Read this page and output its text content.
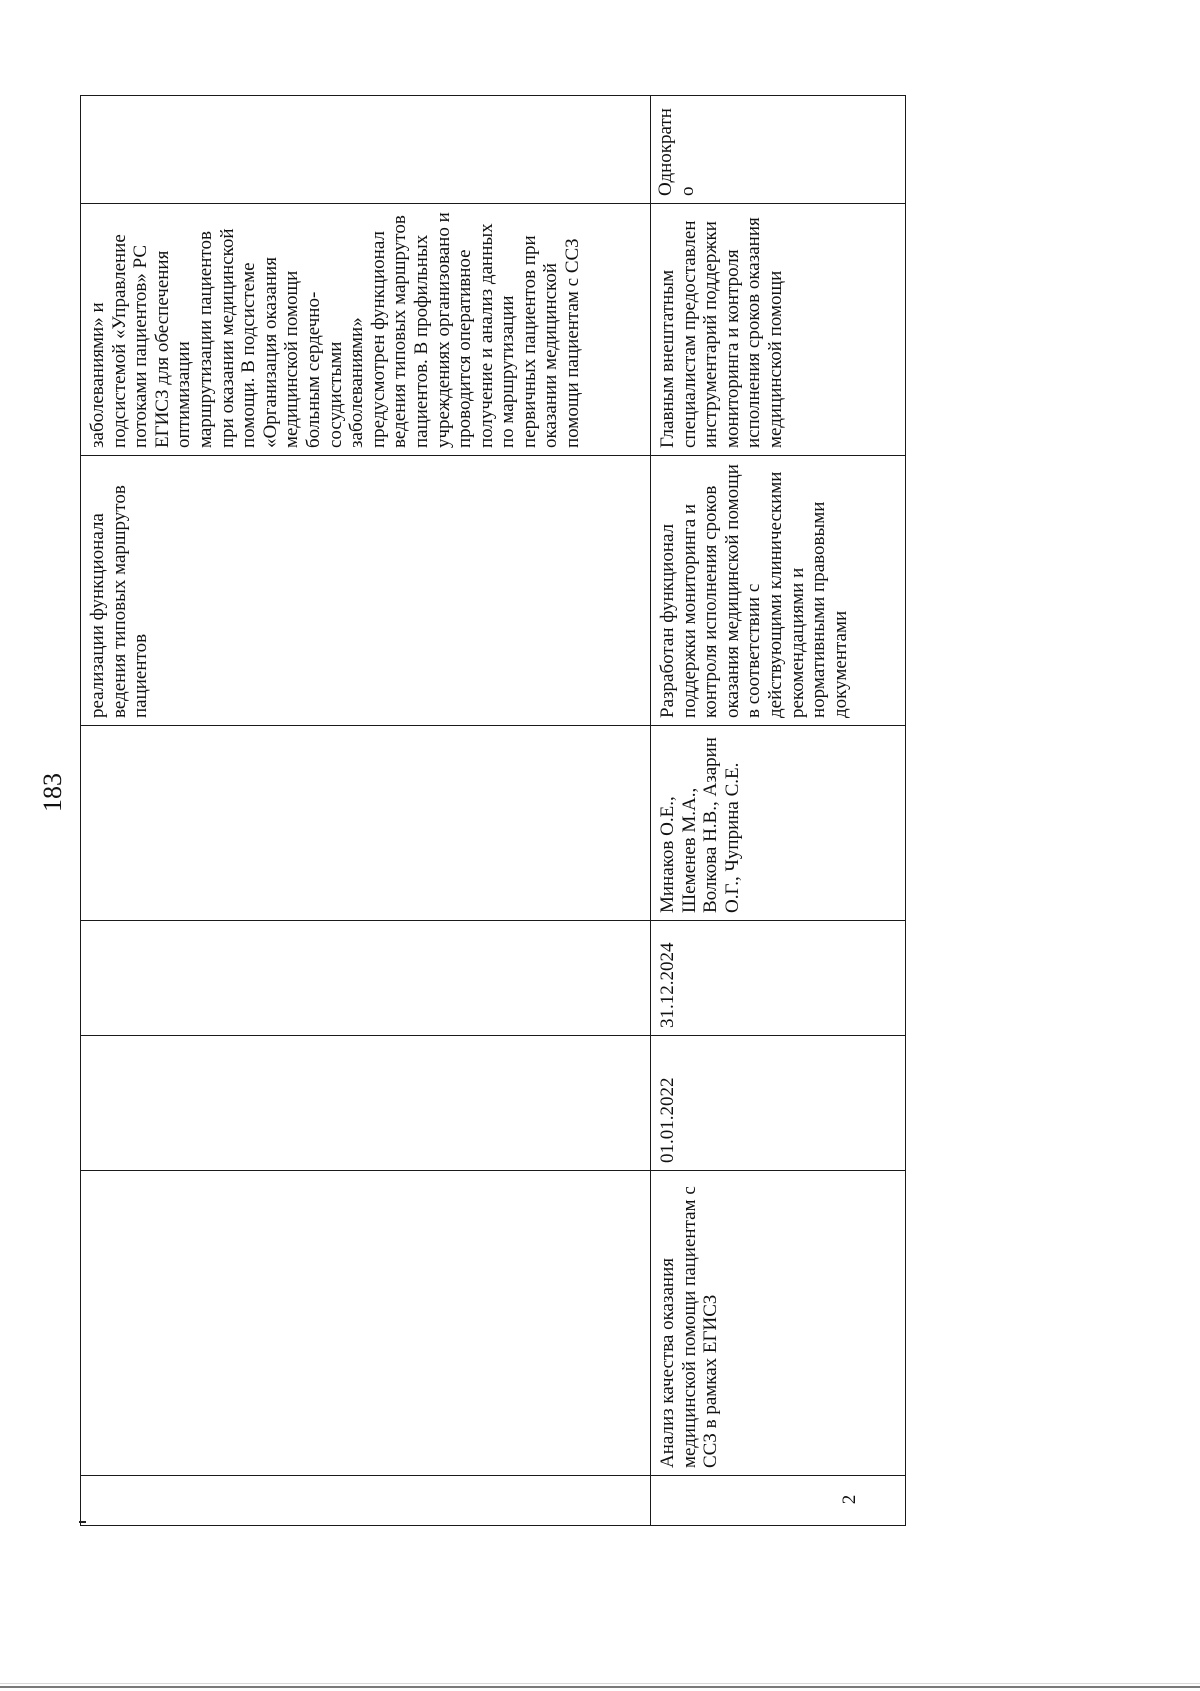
183
					реализации функционала ведения типовых маршрутов пациентов	заболеваниями» и подсистемой «Управление потоками пациентов» РС ЕГИСЗ для обеспечения оптимизации маршрутизации пациентов при оказании медицинской помощи. В подсистеме «Организация оказания медицинской помощи больным сердечно-сосудистыми заболеваниями» предусмотрен функционал ведения типовых маршрутов пациентов. В профильных учреждениях организовано и проводится оперативное получение и анализ данных по маршрутизации первичных пациентов при оказании медицинской помощи пациентам с ССЗ	
2	Анализ качества оказания медицинской помощи пациентам с ССЗ в рамках ЕГИСЗ	01.01.2022	31.12.2024	Минаков О.Е., Шеменев М.А., Волкова Н.В., Азарин О.Г., Чуприна С.Е.	Разработан функционал поддержки мониторинга и контроля исполнения сроков оказания медицинской помощи в соответствии с действующими клиническими рекомендациями и нормативными правовыми документами	Главным внештатным специалистам предоставлен инструментарий поддержки мониторинга и контроля исполнения сроков оказания медицинской помощи	Однократно
